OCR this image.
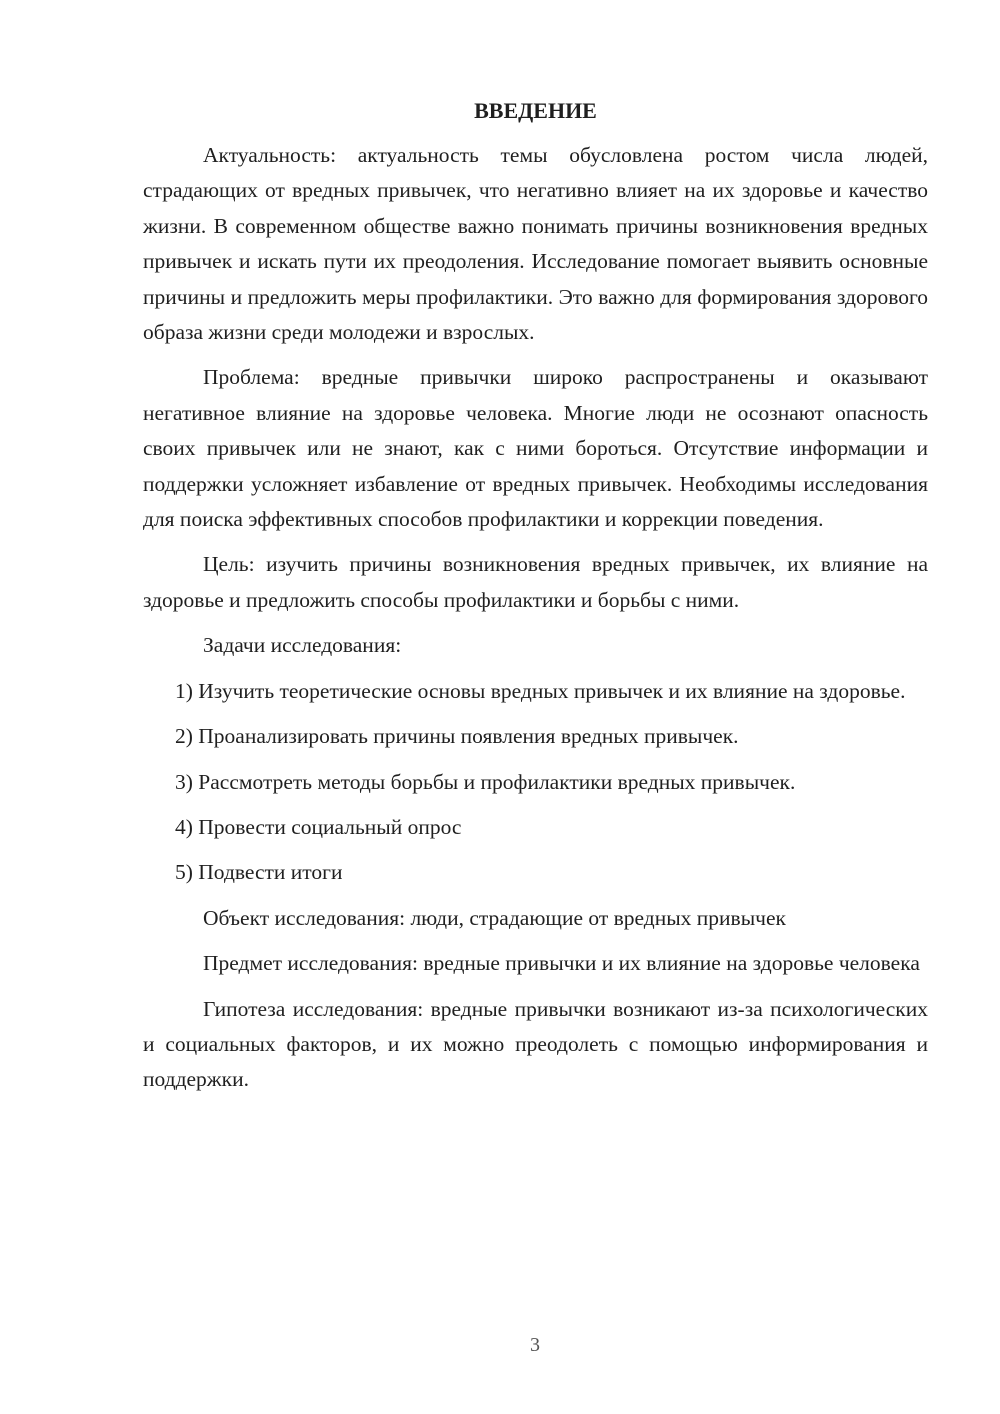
ВВЕДЕНИЕ

Актуальность: актуальность темы обусловлена ростом числа людей, страдающих от вредных привычек, что негативно влияет на их здоровье и качество жизни. В современном обществе важно понимать причины возникновения вредных привычек и искать пути их преодоления. Исследование помогает выявить основные причины и предложить меры профилактики. Это важно для формирования здорового образа жизни среди молодежи и взрослых.

Проблема: вредные привычки широко распространены и оказывают негативное влияние на здоровье человека. Многие люди не осознают опасность своих привычек или не знают, как с ними бороться. Отсутствие информации и поддержки усложняет избавление от вредных привычек. Необходимы исследования для поиска эффективных способов профилактики и коррекции поведения.

Цель: изучить причины возникновения вредных привычек, их влияние на здоровье и предложить способы профилактики и борьбы с ними.

Задачи исследования:

1) Изучить теоретические основы вредных привычек и их влияние на здоровье.

2) Проанализировать причины появления вредных привычек.

3) Рассмотреть методы борьбы и профилактики вредных привычек.

4) Провести социальный опрос

5) Подвести итоги

Объект исследования: люди, страдающие от вредных привычек

Предмет исследования: вредные привычки и их влияние на здоровье человека

Гипотеза исследования: вредные привычки возникают из-за психологических и социальных факторов, и их можно преодолеть с помощью информирования и поддержки.

3
